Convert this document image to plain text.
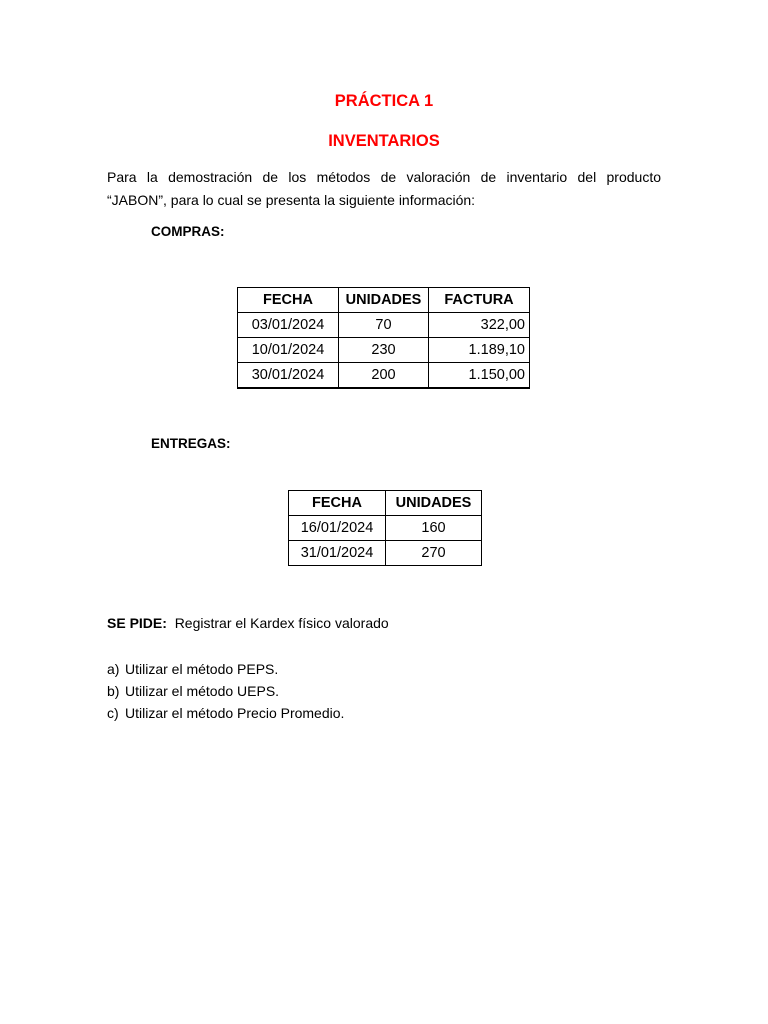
PRÁCTICA 1
INVENTARIOS
Para la demostración de los métodos de valoración de inventario del producto
“JABON”, para lo cual se presenta la siguiente información:
COMPRAS:
FECHA	UNIDADES	FACTURA
03/01/2024	70	322,00
10/01/2024	230	1.189,10
30/01/2024	200	1.150,00
ENTREGAS:
FECHA	UNIDADES
16/01/2024	160
31/01/2024	270
SE PIDE: Registrar el Kardex físico valorado
a) Utilizar el método PEPS.
b) Utilizar el método UEPS.
c) Utilizar el método Precio Promedio.
